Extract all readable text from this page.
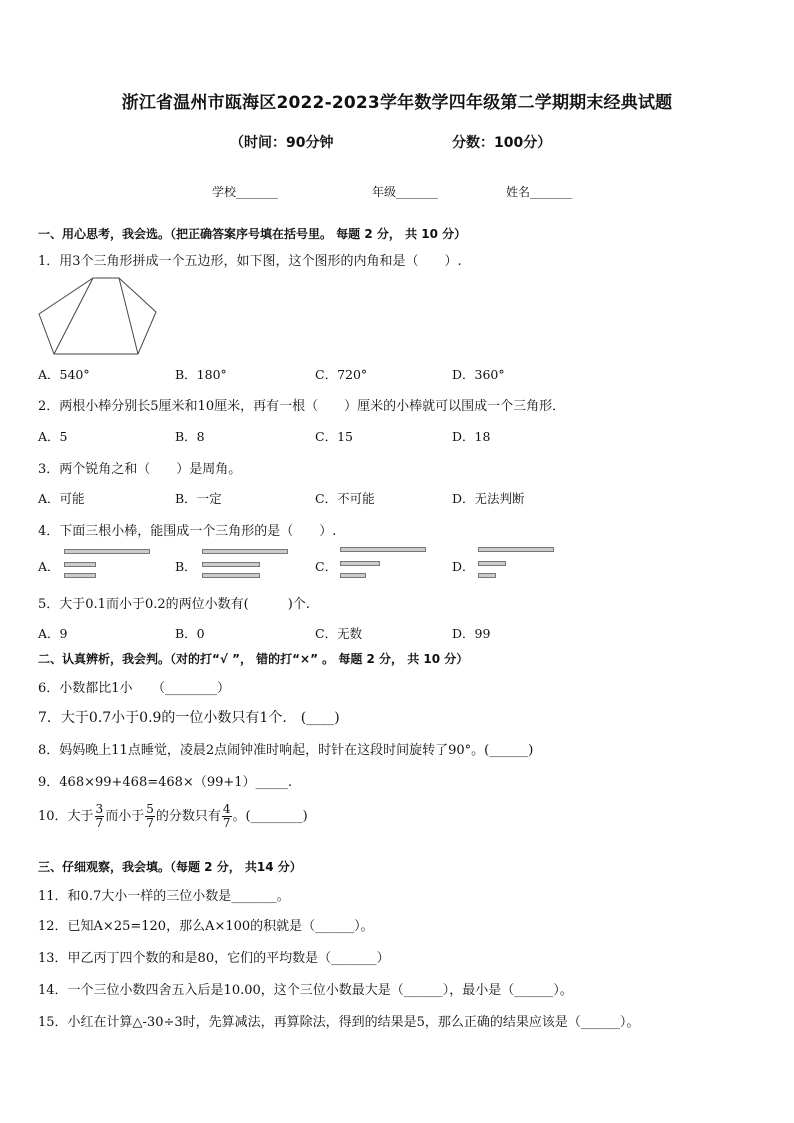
浙江省温州市瓯海区2022-2023学年数学四年级第二学期期末经典试题
（时间：90分钟	分数：100分）
学校_______	年级_______	姓名_______
一、用心思考，我会选。（把正确答案序号填在括号里。 每题 2 分， 共 10 分）
1．用3个三角形拼成一个五边形，如下图，这个图形的内角和是（　　）.
A．540°	B．180°	C．720°	D．360°
2．两根小棒分别长5厘米和10厘米，再有一根（　　）厘米的小棒就可以围成一个三角形．
A．5	B．8	C．15	D．18
3．两个锐角之和（　　）是周角。
A．可能	B．一定	C．不可能	D．无法判断
4．下面三根小棒，能围成一个三角形的是（　　）.
A．	B．	C．	D．
5．大于0.1而小于0.2的两位小数有(　　　)个.
A．9	B．0	C．无数	D．99
二、认真辨析，我会判。（对的打“√ ”， 错的打“×” 。 每题 2 分， 共 10 分）
6．小数都比1小　　（________）
7．大于0.7小于0.9的一位小数只有1个.　(____)
8．妈妈晚上11点睡觉，凌晨2点闹钟准时响起，时针在这段时间旋转了90°。(______)
9．468×99+468=468×（99+1）_____.
10．大于 $\frac{3}{7}$ 而小于 $\frac{5}{7}$ 的分数只有 $\frac{4}{7}$ 。(________)
三、仔细观察，我会填。（每题 2 分， 共14 分）
11．和0.7大小一样的三位小数是_______。
12．已知A×25=120，那么A×100的积就是（______）。
13．甲乙丙丁四个数的和是80，它们的平均数是（_______）
14．一个三位小数四舍五入后是10.00，这个三位小数最大是（______），最小是（______）。
15．小红在计算△-30÷3时，先算减法，再算除法，得到的结果是5，那么正确的结果应该是（______）。
